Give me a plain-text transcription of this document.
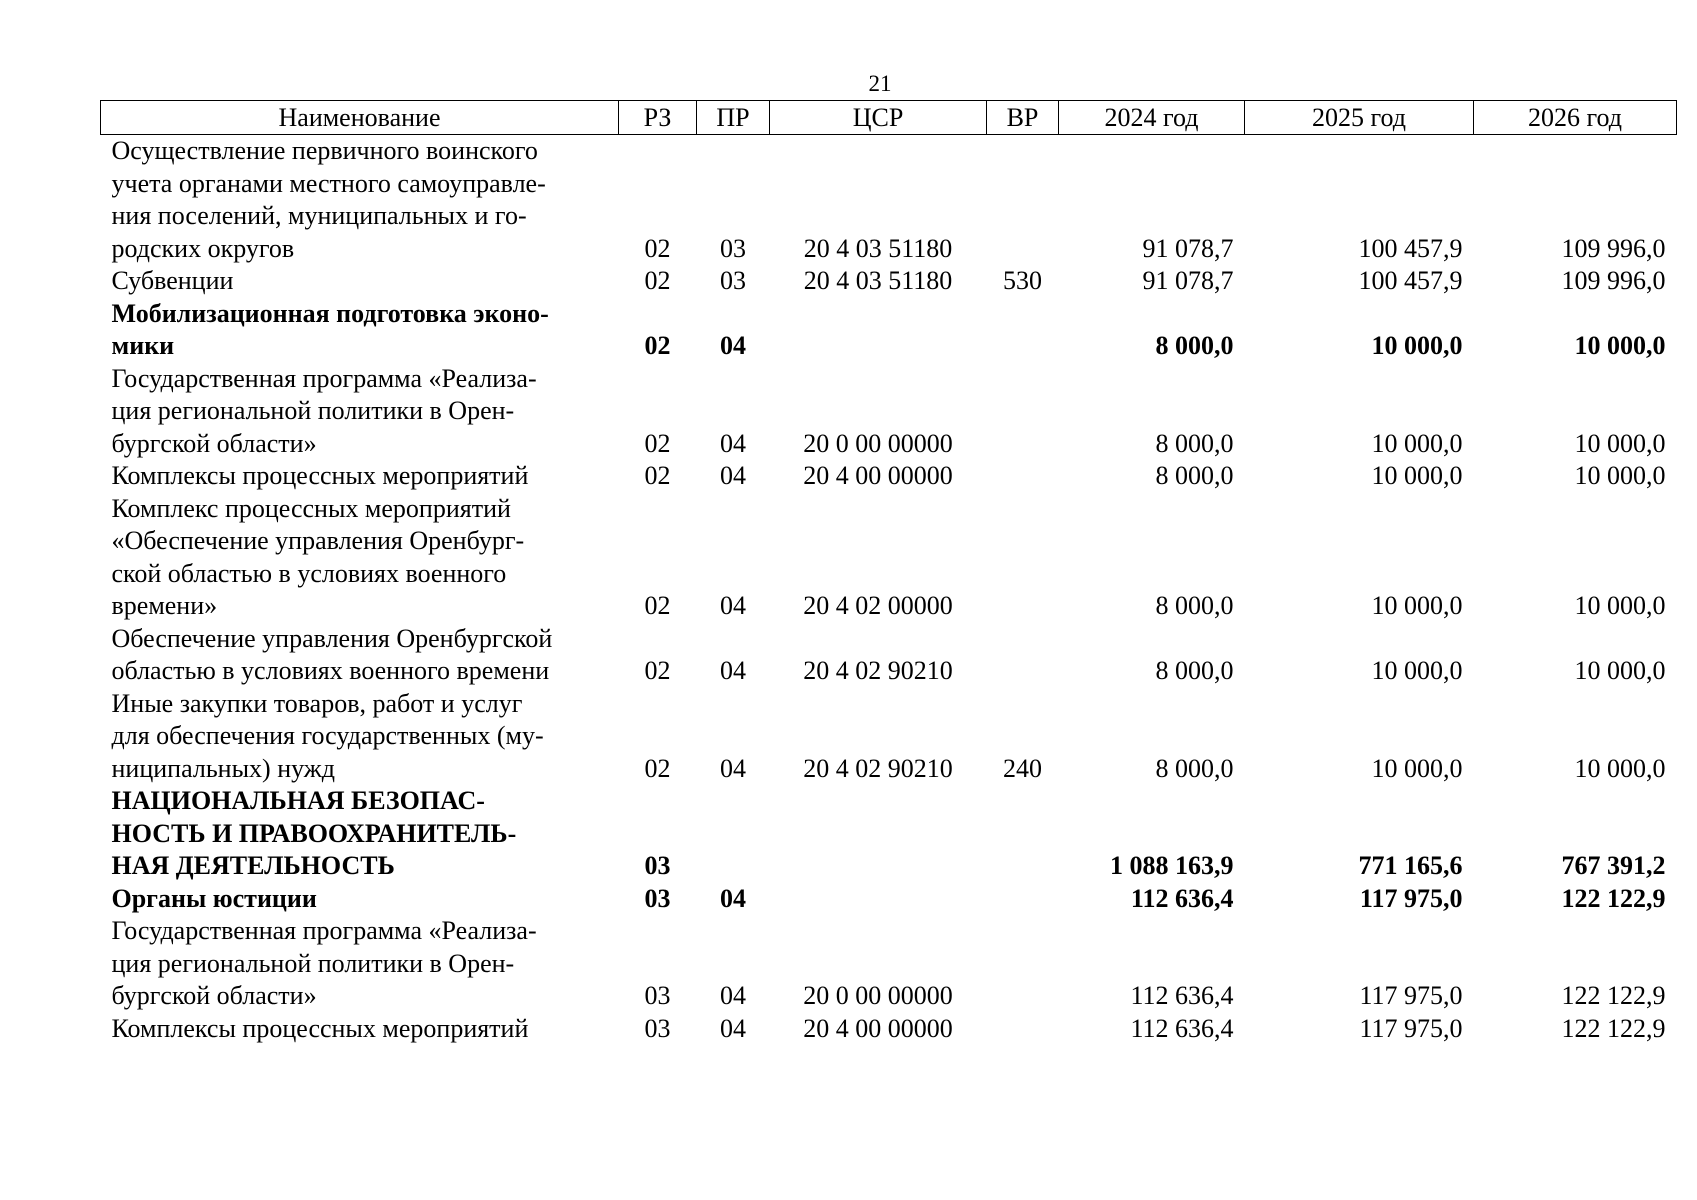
21
Наименование	РЗ	ПР	ЦСР	ВР	2024 год	2025 год	2026 год

Осуществление первичного воинского
учета органами местного самоуправле-
ния поселений, муниципальных и го-
родских округов	02	03	20 4 03 51180		91 078,7	100 457,9	109 996,0

Субвенции	02	03	20 4 03 51180	530	91 078,7	100 457,9	109 996,0

Мобилизационная подготовка эконо-
мики	02	04			8 000,0	10 000,0	10 000,0

Государственная программа «Реализа-
ция региональной политики в Орен-
бургской области»	02	04	20 0 00 00000		8 000,0	10 000,0	10 000,0

Комплексы процессных мероприятий	02	04	20 4 00 00000		8 000,0	10 000,0	10 000,0

Комплекс процессных мероприятий
«Обеспечение управления Оренбург-
ской областью в условиях военного
времени»	02	04	20 4 02 00000		8 000,0	10 000,0	10 000,0

Обеспечение управления Оренбургской
областью в условиях военного времени	02	04	20 4 02 90210		8 000,0	10 000,0	10 000,0

Иные закупки товаров, работ и услуг
для обеспечения государственных (му-
ниципальных) нужд	02	04	20 4 02 90210	240	8 000,0	10 000,0	10 000,0

НАЦИОНАЛЬНАЯ БЕЗОПАС-
НОСТЬ И ПРАВООХРАНИТЕЛЬ-
НАЯ ДЕЯТЕЛЬНОСТЬ	03				1 088 163,9	771 165,6	767 391,2

Органы юстиции	03	04			112 636,4	117 975,0	122 122,9

Государственная программа «Реализа-
ция региональной политики в Орен-
бургской области»	03	04	20 0 00 00000		112 636,4	117 975,0	122 122,9

Комплексы процессных мероприятий	03	04	20 4 00 00000		112 636,4	117 975,0	122 122,9
